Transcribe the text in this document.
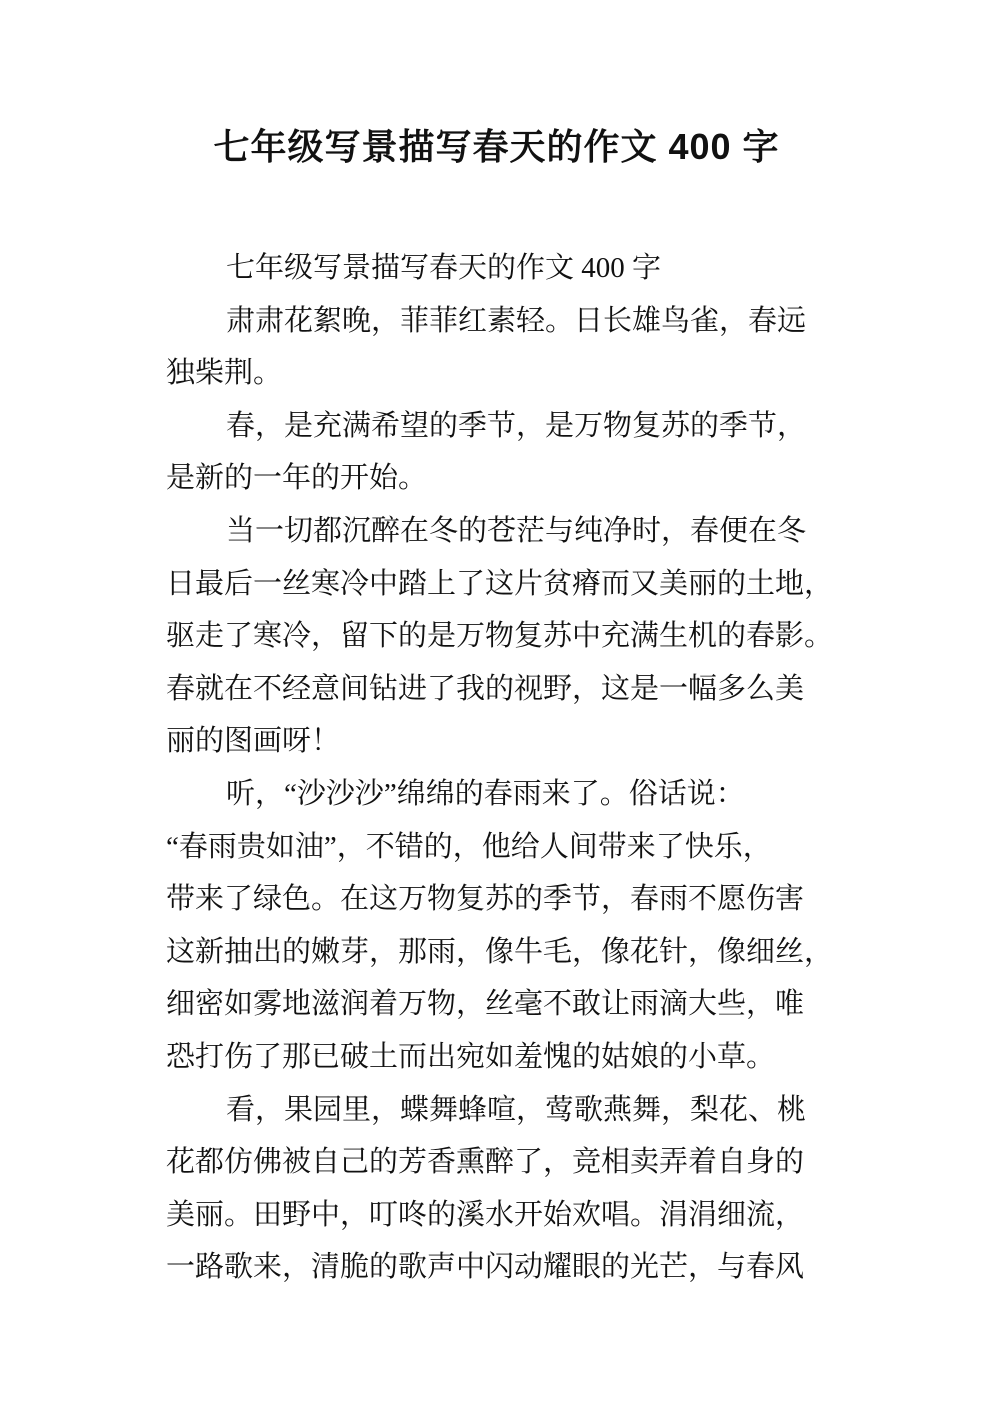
七年级写景描写春天的作文 400 字
七年级写景描写春天的作文 400 字
肃肃花絮晚，菲菲红素轻。日长雄鸟雀，春远
独柴荆。
春，是充满希望的季节，是万物复苏的季节，
是新的一年的开始。
当一切都沉醉在冬的苍茫与纯净时，春便在冬
日最后一丝寒冷中踏上了这片贫瘠而又美丽的土地，
驱走了寒冷，留下的是万物复苏中充满生机的春影。
春就在不经意间钻进了我的视野，这是一幅多么美
丽的图画呀！
听，“沙沙沙”绵绵的春雨来了。俗话说：
“春雨贵如油”，不错的，他给人间带来了快乐，
带来了绿色。在这万物复苏的季节，春雨不愿伤害
这新抽出的嫩芽，那雨，像牛毛，像花针，像细丝，
细密如雾地滋润着万物，丝毫不敢让雨滴大些，唯
恐打伤了那已破土而出宛如羞愧的姑娘的小草。
看，果园里，蝶舞蜂喧，莺歌燕舞，梨花、桃
花都仿佛被自己的芳香熏醉了，竞相卖弄着自身的
美丽。田野中，叮咚的溪水开始欢唱。涓涓细流，
一路歌来，清脆的歌声中闪动耀眼的光芒，与春风
